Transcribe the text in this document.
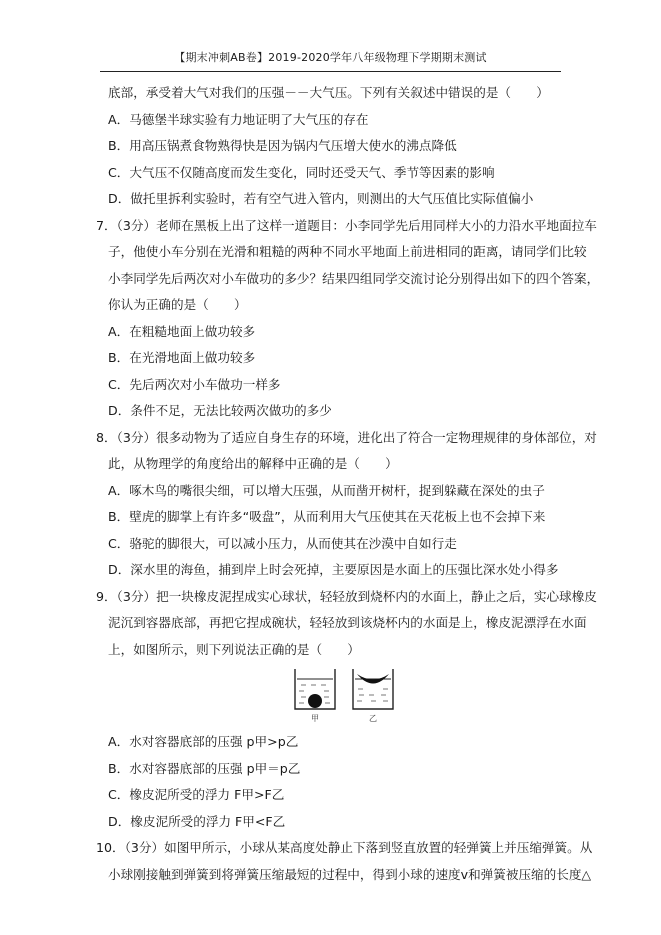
【期末冲刺AB卷】2019-2020学年八年级物理下学期期末测试
底部，承受着大气对我们的压强－－大气压。下列有关叙述中错误的是（　　）
A．马德堡半球实验有力地证明了大气压的存在
B．用高压锅煮食物熟得快是因为锅内气压增大使水的沸点降低
C．大气压不仅随高度而发生变化，同时还受天气、季节等因素的影响
D．做托里拆利实验时，若有空气进入管内，则测出的大气压值比实际值偏小
7．（3分）老师在黑板上出了这样一道题目：小李同学先后用同样大小的力沿水平地面拉车
子，他使小车分别在光滑和粗糙的两种不同水平地面上前进相同的距离，请同学们比较
小李同学先后两次对小车做功的多少？结果四组同学交流讨论分别得出如下的四个答案，
你认为正确的是（　　）
A．在粗糙地面上做功较多
B．在光滑地面上做功较多
C．先后两次对小车做功一样多
D．条件不足，无法比较两次做功的多少
8．（3分）很多动物为了适应自身生存的环境，进化出了符合一定物理规律的身体部位，对
此，从物理学的角度给出的解释中正确的是（　　）
A．啄木鸟的嘴很尖细，可以增大压强，从而凿开树杆，捉到躲藏在深处的虫子
B．壁虎的脚掌上有许多“吸盘”，从而利用大气压使其在天花板上也不会掉下来
C．骆驼的脚很大，可以减小压力，从而使其在沙漠中自如行走
D．深水里的海鱼，捕到岸上时会死掉，主要原因是水面上的压强比深水处小得多
9．（3分）把一块橡皮泥捏成实心球状，轻轻放到烧杯内的水面上，静止之后，实心球橡皮
泥沉到容器底部，再把它捏成碗状，轻轻放到该烧杯内的水面是上，橡皮泥漂浮在水面
上，如图所示，则下列说法正确的是（　　）
甲	乙
A．水对容器底部的压强 p甲>p乙
B．水对容器底部的压强 p甲＝p乙
C．橡皮泥所受的浮力 F甲>F乙
D．橡皮泥所受的浮力 F甲<F乙
10．（3分）如图甲所示，小球从某高度处静止下落到竖直放置的轻弹簧上并压缩弹簧。从
小球刚接触到弹簧到将弹簧压缩最短的过程中，得到小球的速度v和弹簧被压缩的长度△
